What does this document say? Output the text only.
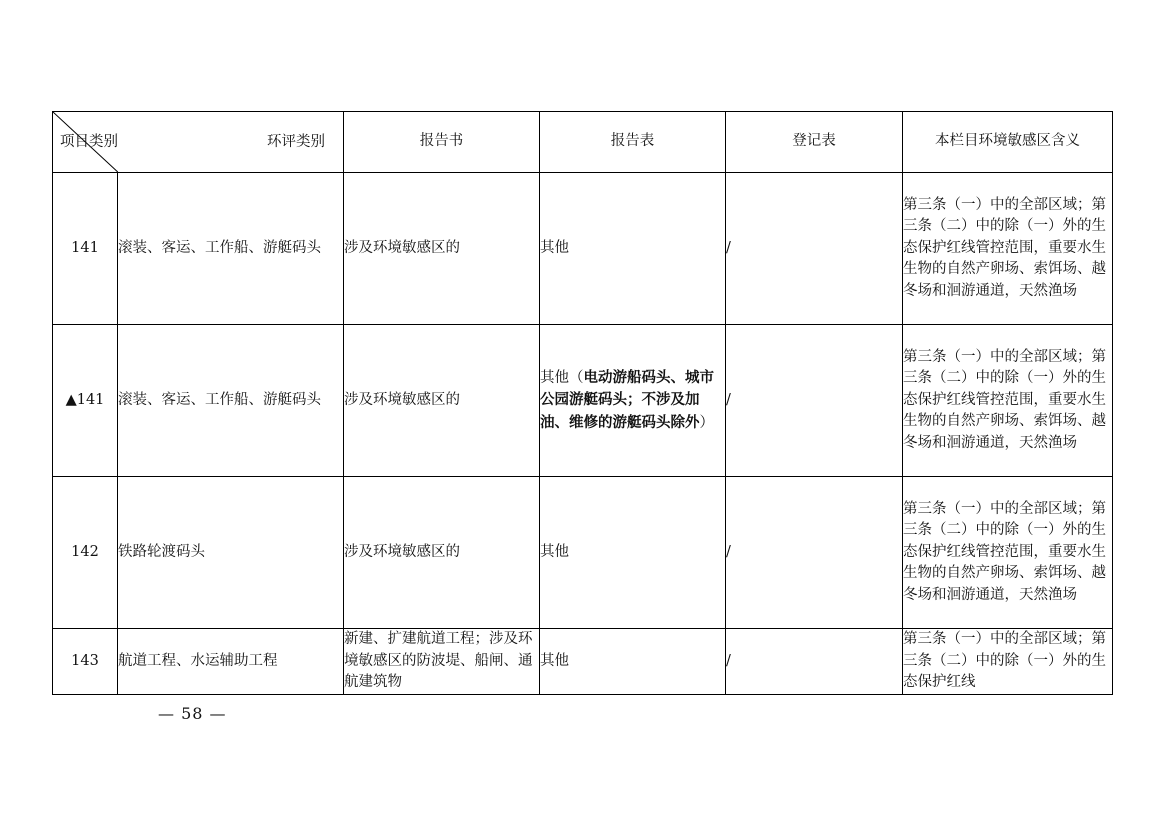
项目类别 环评类别		报告书	报告表	登记表	本栏目环境敏感区含义
141	滚装、客运、工作船、游艇码头	涉及环境敏感区的	其他	/	第三条（一）中的全部区域；第三条（二）中的除（一）外的生态保护红线管控范围，重要水生生物的自然产卵场、索饵场、越冬场和洄游通道，天然渔场
▲141	滚装、客运、工作船、游艇码头	涉及环境敏感区的	其他（电动游船码头、城市公园游艇码头；不涉及加油、维修的游艇码头除外）	/	第三条（一）中的全部区域；第三条（二）中的除（一）外的生态保护红线管控范围，重要水生生物的自然产卵场、索饵场、越冬场和洄游通道，天然渔场
142	铁路轮渡码头	涉及环境敏感区的	其他	/	第三条（一）中的全部区域；第三条（二）中的除（一）外的生态保护红线管控范围，重要水生生物的自然产卵场、索饵场、越冬场和洄游通道，天然渔场
143	航道工程、水运辅助工程	新建、扩建航道工程；涉及环境敏感区的防波堤、船闸、通航建筑物	其他	/	第三条（一）中的全部区域；第三条（二）中的除（一）外的生态保护红线
— 58 —
